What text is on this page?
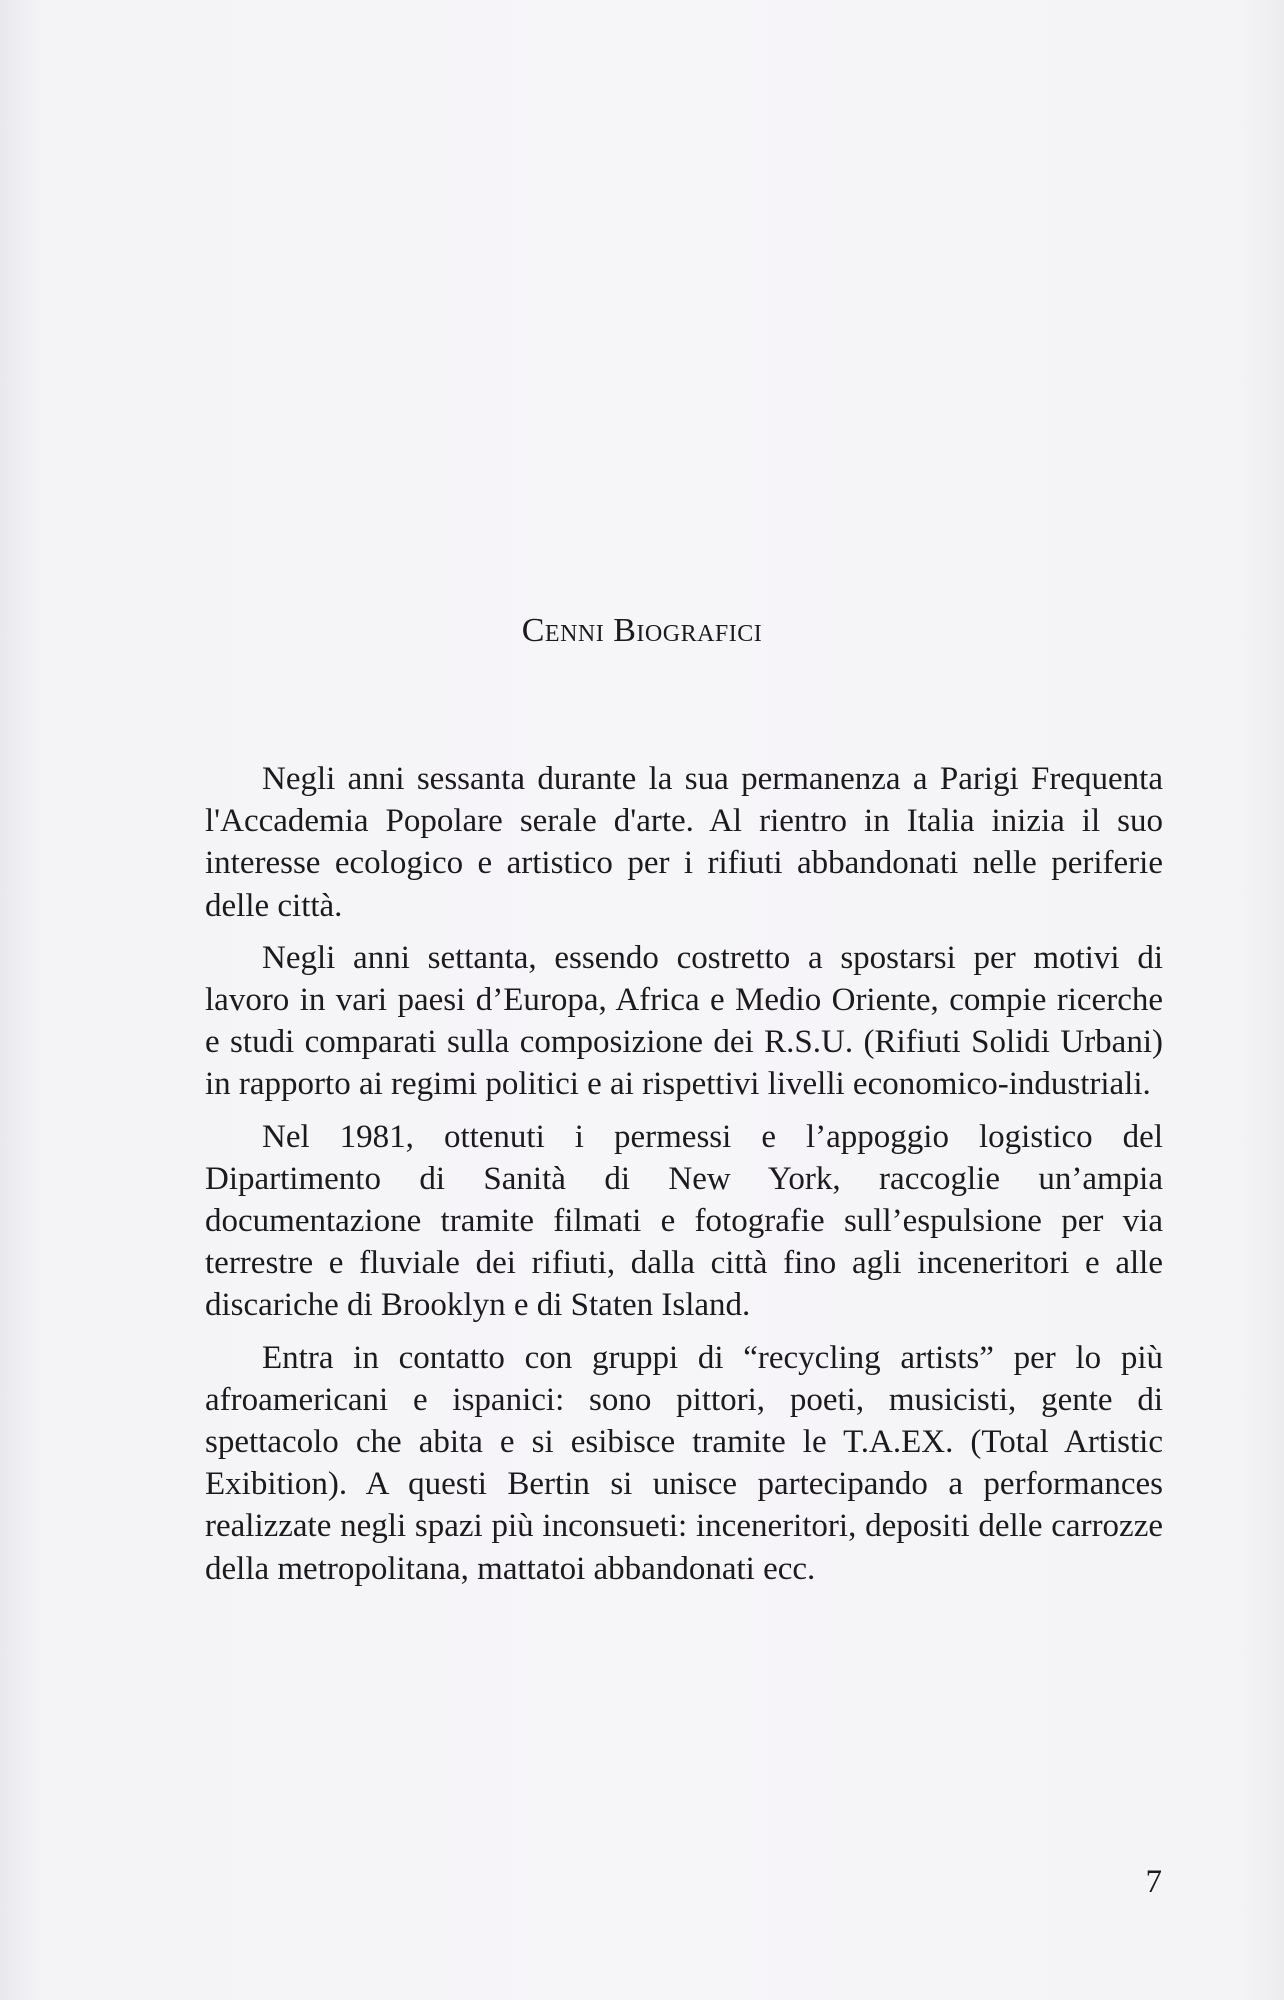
Cenni Biografici

Negli anni sessanta durante la sua permanenza a Parigi Frequenta l'Accademia Popolare serale d'arte. Al rientro in Italia inizia il suo interesse ecologico e artistico per i rifiuti abbandonati nelle periferie delle città.

Negli anni settanta, essendo costretto a spostarsi per motivi di lavoro in vari paesi d’Europa, Africa e Medio Oriente, compie ricerche e studi comparati sulla composizione dei R.S.U. (Rifiuti Solidi Urbani) in rapporto ai regimi politici e ai rispettivi livelli economico-industriali.

Nel 1981, ottenuti i permessi e l’appoggio logistico del Dipartimento di Sanità di New York, raccoglie un’ampia documentazione tramite filmati e fotografie sull’espulsione per via terrestre e fluviale dei rifiuti, dalla città fino agli inceneritori e alle discariche di Brooklyn e di Staten Island.

Entra in contatto con gruppi di “recycling artists” per lo più afroamericani e ispanici: sono pittori, poeti, musicisti, gente di spettacolo che abita e si esibisce tramite le T.A.EX. (Total Artistic Exibition). A questi Bertin si unisce partecipando a performances realizzate negli spazi più inconsueti: inceneritori, depositi delle carrozze della metropolitana, mattatoi abbandonati ecc.

7
